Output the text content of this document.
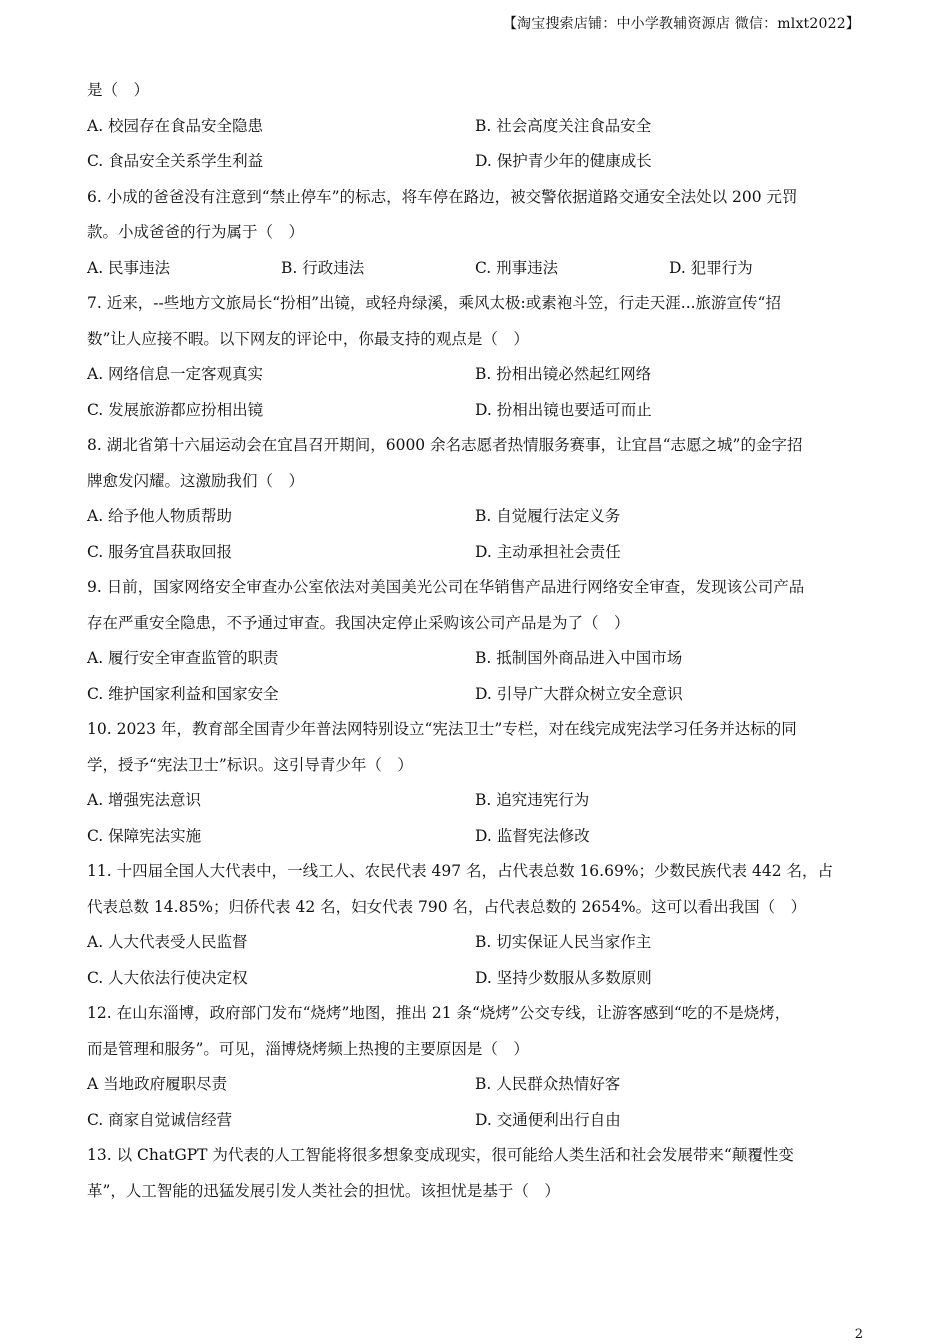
【淘宝搜索店铺：中小学教辅资源店 微信：mlxt2022】
是（　）
A. 校园存在食品安全隐患	B. 社会高度关注食品安全
C. 食品安全关系学生利益	D. 保护青少年的健康成长
6. 小成的爸爸没有注意到“禁止停车”的标志，将车停在路边，被交警依据道路交通安全法处以 200 元罚
款。小成爸爸的行为属于（　）
A. 民事违法	B. 行政违法	C. 刑事违法	D. 犯罪行为
7. 近来，--些地方文旅局长“扮相”出镜，或轻舟绿溪，乘风太极:或素袍斗笠，行走天涯...旅游宣传“招
数”让人应接不暇。以下网友的评论中，你最支持的观点是（　）
A. 网络信息一定客观真实	B. 扮相出镜必然起红网络
C. 发展旅游都应扮相出镜	D. 扮相出镜也要适可而止
8. 湖北省第十六届运动会在宜昌召开期间，6000 余名志愿者热情服务赛事，让宜昌“志愿之城”的金字招
牌愈发闪耀。这激励我们（　）
A. 给予他人物质帮助	B. 自觉履行法定义务
C. 服务宜昌获取回报	D. 主动承担社会责任
9. 日前，国家网络安全审查办公室依法对美国美光公司在华销售产品进行网络安全审查，发现该公司产品
存在严重安全隐患，不予通过审查。我国决定停止采购该公司产品是为了（　）
A. 履行安全审查监管的职责	B. 抵制国外商品进入中国市场
C. 维护国家利益和国家安全	D. 引导广大群众树立安全意识
10. 2023 年，教育部全国青少年普法网特别设立“宪法卫士”专栏，对在线完成宪法学习任务并达标的同
学，授予“宪法卫士”标识。这引导青少年（　）
A. 增强宪法意识	B. 追究违宪行为
C. 保障宪法实施	D. 监督宪法修改
11. 十四届全国人大代表中，一线工人、农民代表 497 名，占代表总数 16.69%；少数民族代表 442 名，占
代表总数 14.85%；归侨代表 42 名，妇女代表 790 名，占代表总数的 2654%。这可以看出我国（　）
A. 人大代表受人民监督	B. 切实保证人民当家作主
C. 人大依法行使决定权	D. 坚持少数服从多数原则
12. 在山东淄博，政府部门发布“烧烤”地图，推出 21 条“烧烤”公交专线，让游客感到“吃的不是烧烤，
而是管理和服务”。可见，淄博烧烤频上热搜的主要原因是（　）
A 当地政府履职尽责	B. 人民群众热情好客
C. 商家自觉诚信经营	D. 交通便利出行自由
13. 以 ChatGPT 为代表的人工智能将很多想象变成现实，很可能给人类生活和社会发展带来“颠覆性变
革”，人工智能的迅猛发展引发人类社会的担忧。该担忧是基于（　）
2
